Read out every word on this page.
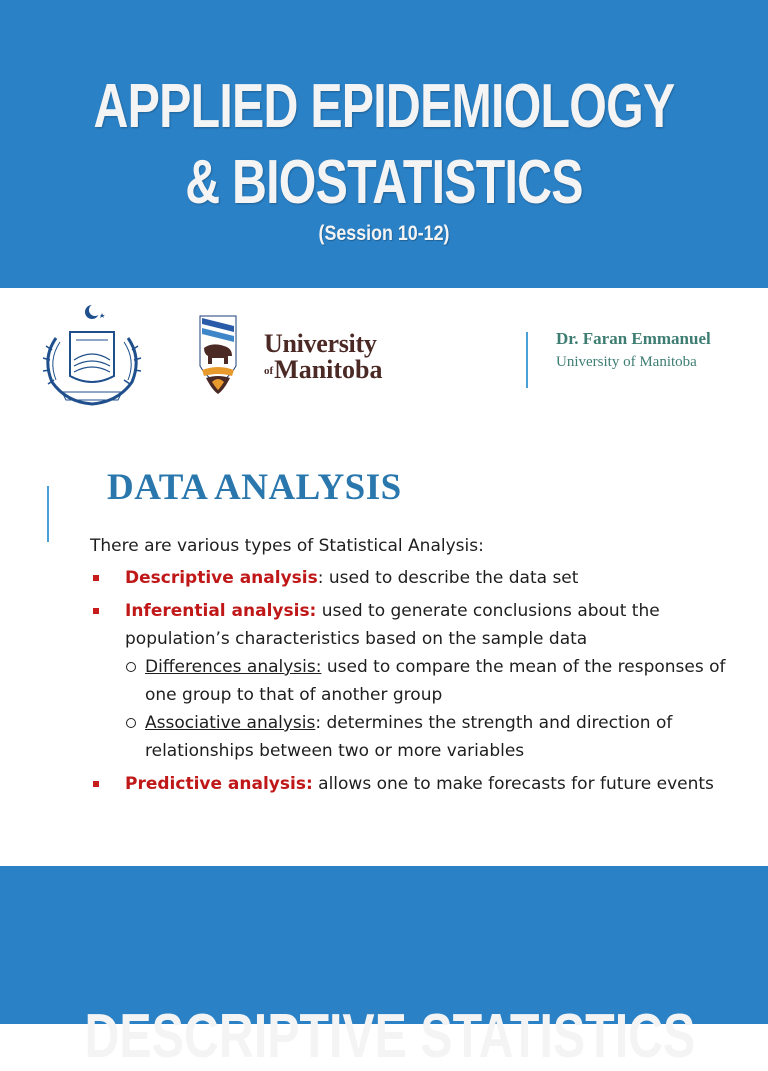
APPLIED EPIDEMIOLOGY
& BIOSTATISTICS
(Session 10-12)
University
ofManitoba
Dr. Faran Emmanuel
University of Manitoba
DATA ANALYSIS
There are various types of Statistical Analysis:
Descriptive analysis: used to describe the data set
Inferential analysis: used to generate conclusions about the population’s characteristics based on the sample data
Differences analysis: used to compare the mean of the responses of one group to that of another group
Associative analysis: determines the strength and direction of relationships between two or more variables
Predictive analysis: allows one to make forecasts for future events
DESCRIPTIVE STATISTICS
